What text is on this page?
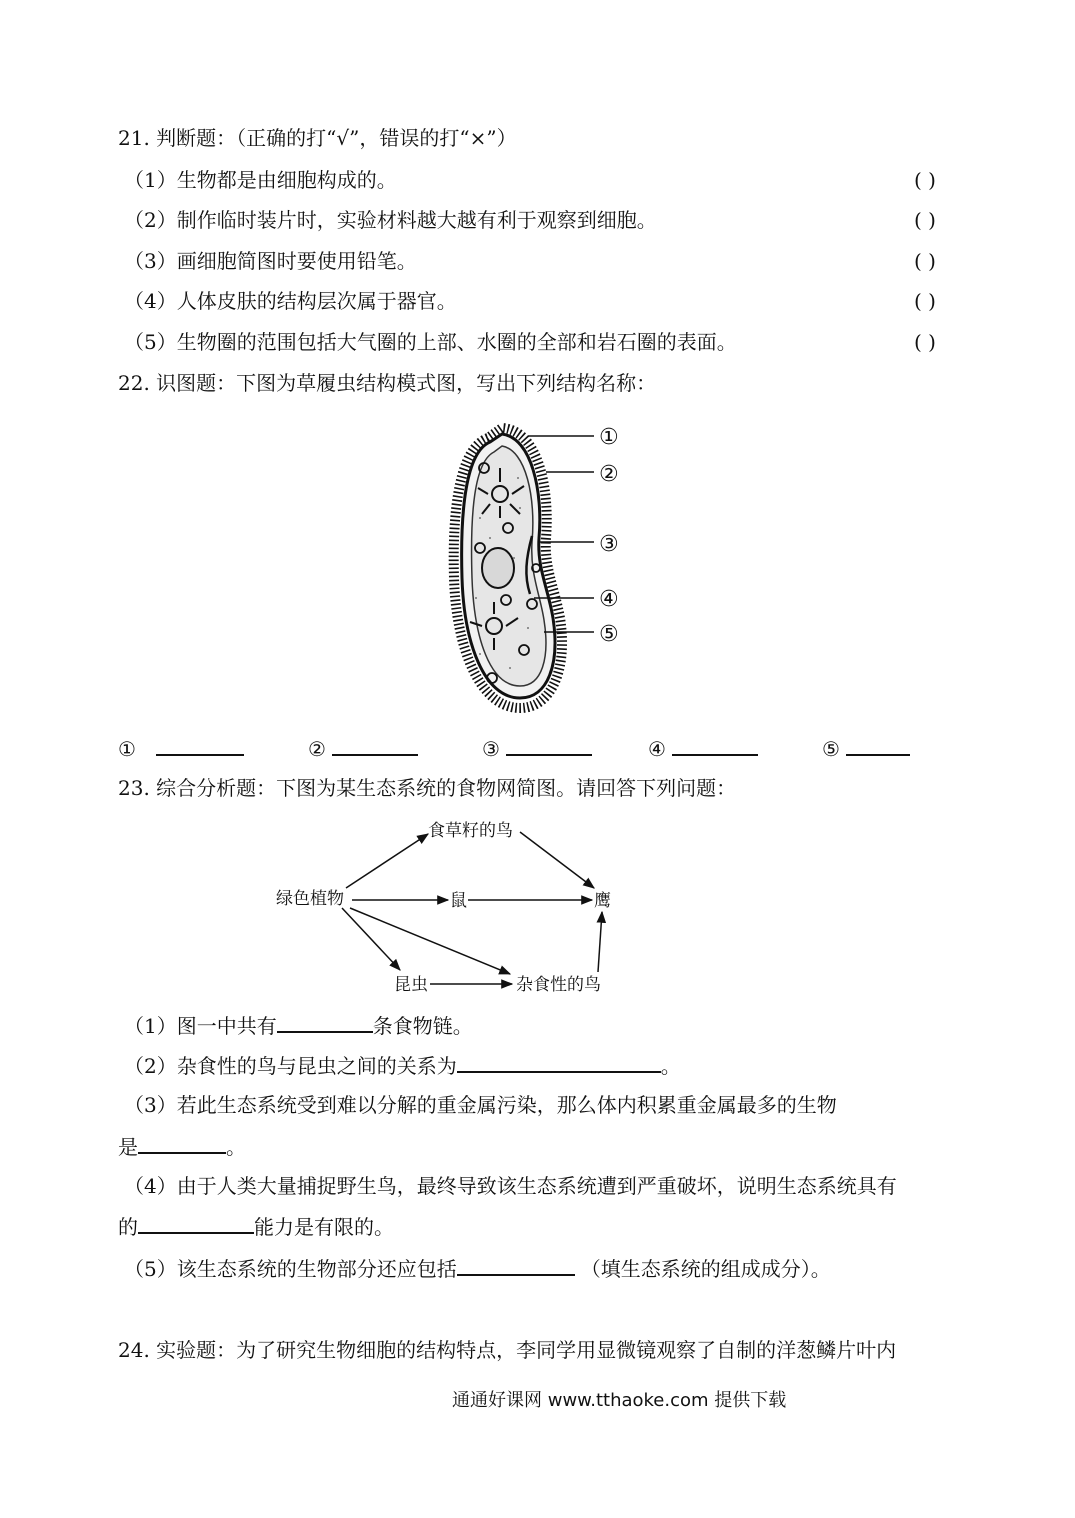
21. 判断题：（正确的打“√”，错误的打“×”）
（1）生物都是由细胞构成的。	( )
（2）制作临时装片时，实验材料越大越有利于观察到细胞。	( )
（3）画细胞简图时要使用铅笔。	( )
（4）人体皮肤的结构层次属于器官。	( )
（5）生物圈的范围包括大气圈的上部、水圈的全部和岩石圈的表面。	( )
22. 识图题：下图为草履虫结构模式图，写出下列结构名称：
①
②
③
④
⑤
①	②	③	④	⑤
23. 综合分析题：下图为某生态系统的食物网简图。请回答下列问题：
绿色植物
食草籽的鸟
鼠	鹰
昆虫	杂食性的鸟
（1）图一中共有	条食物链。
（2）杂食性的鸟与昆虫之间的关系为	。
（3）若此生态系统受到难以分解的重金属污染，那么体内积累重金属最多的生物
是	。
（4）由于人类大量捕捉野生鸟，最终导致该生态系统遭到严重破坏，说明生态系统具有
的	能力是有限的。
（5）该生态系统的生物部分还应包括	（填生态系统的组成成分）。
24. 实验题：为了研究生物细胞的结构特点，李同学用显微镜观察了自制的洋葱鳞片叶内
通通好课网 www.tthaoke.com 提供下载
